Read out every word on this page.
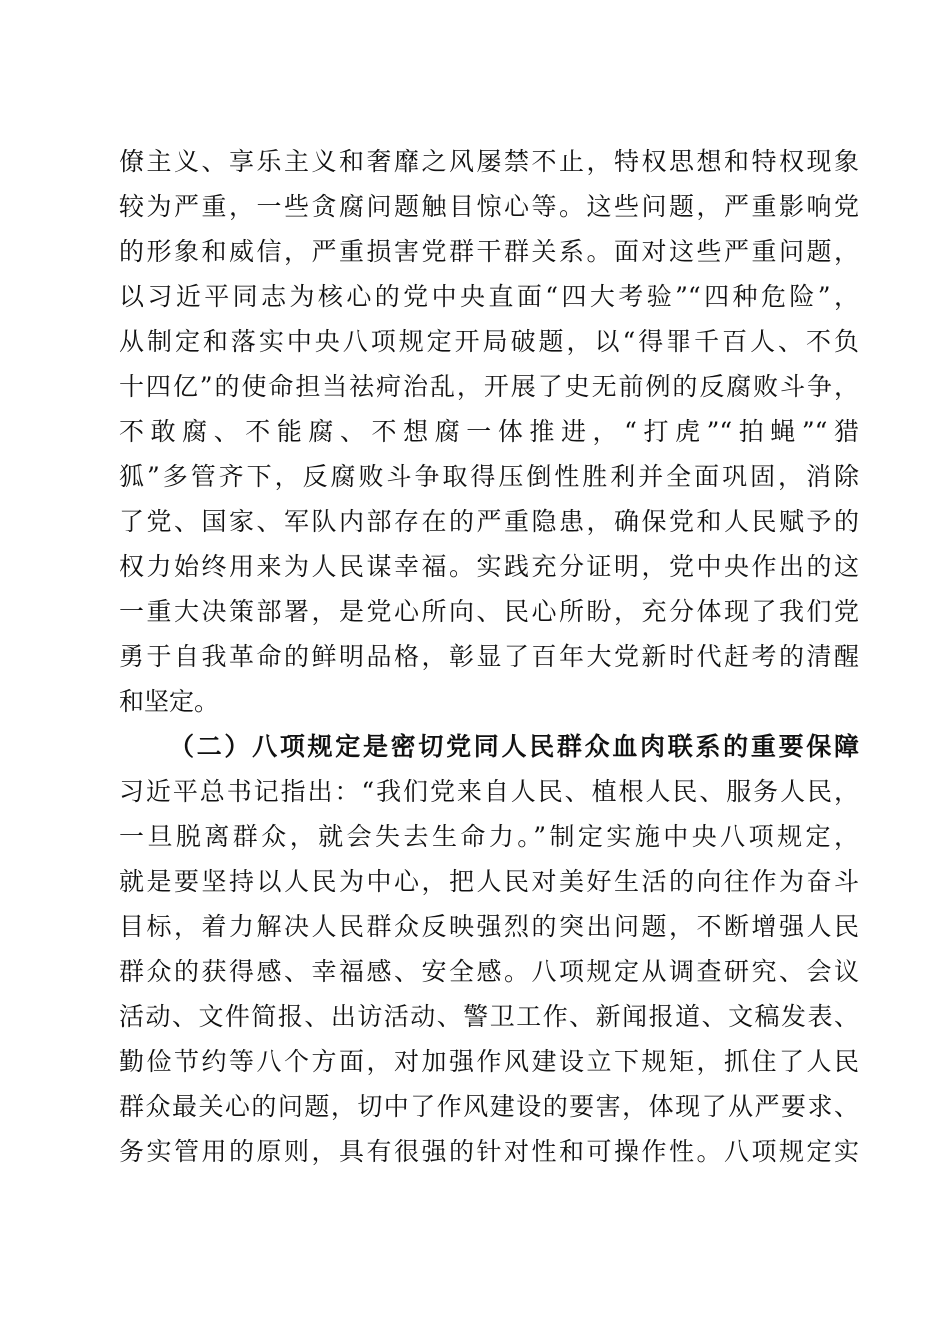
僚主义、享乐主义和奢靡之风屡禁不止，特权思想和特权现象
较为严重，一些贪腐问题触目惊心等。这些问题，严重影响党
的形象和威信，严重损害党群干群关系。面对这些严重问题，
以习近平同志为核心的党中央直面“四大考验”“四种危险”，
从制定和落实中央八项规定开局破题，以“得罪千百人、不负
十四亿”的使命担当祛疴治乱，开展了史无前例的反腐败斗争，
不敢腐、不能腐、不想腐一体推进，“打虎”“拍蝇”“猎
狐”多管齐下，反腐败斗争取得压倒性胜利并全面巩固，消除
了党、国家、军队内部存在的严重隐患，确保党和人民赋予的
权力始终用来为人民谋幸福。实践充分证明，党中央作出的这
一重大决策部署，是党心所向、民心所盼，充分体现了我们党
勇于自我革命的鲜明品格，彰显了百年大党新时代赶考的清醒
和坚定。
（二）八项规定是密切党同人民群众血肉联系的重要保障
习近平总书记指出：“我们党来自人民、植根人民、服务人民，
一旦脱离群众，就会失去生命力。”制定实施中央八项规定，
就是要坚持以人民为中心，把人民对美好生活的向往作为奋斗
目标，着力解决人民群众反映强烈的突出问题，不断增强人民
群众的获得感、幸福感、安全感。八项规定从调查研究、会议
活动、文件简报、出访活动、警卫工作、新闻报道、文稿发表、
勤俭节约等八个方面，对加强作风建设立下规矩，抓住了人民
群众最关心的问题，切中了作风建设的要害，体现了从严要求、
务实管用的原则，具有很强的针对性和可操作性。八项规定实
